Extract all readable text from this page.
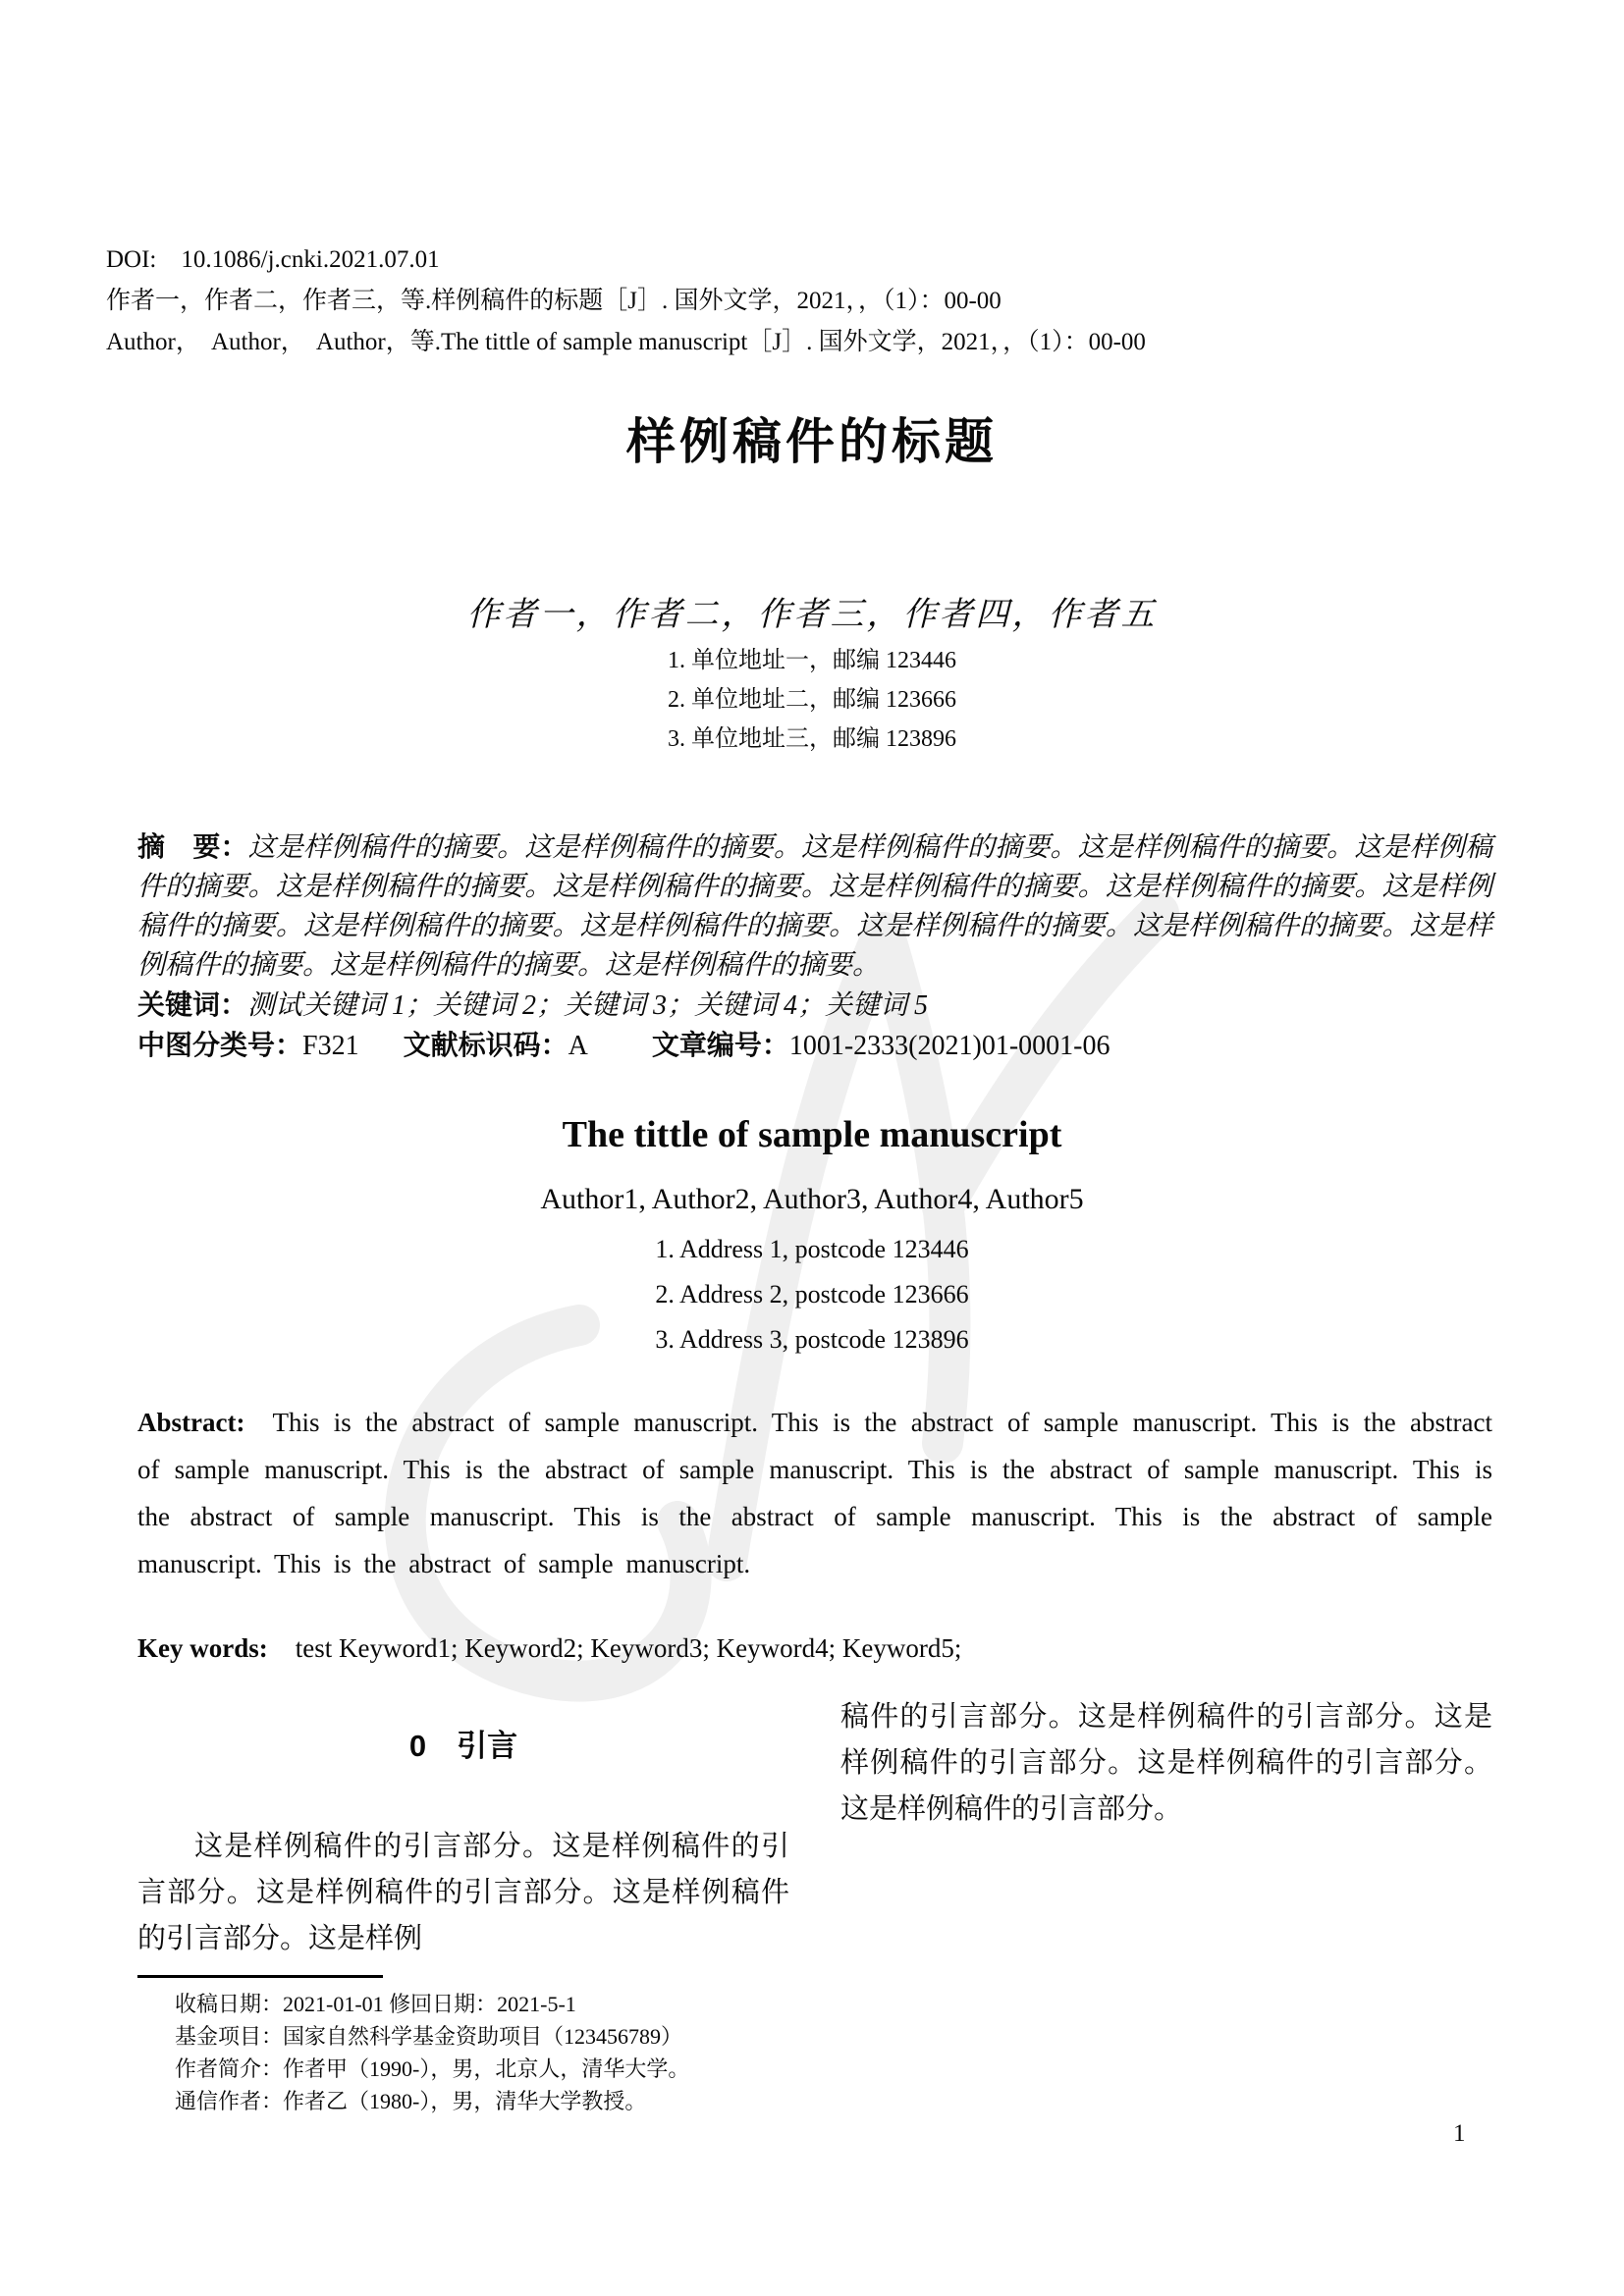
DOI:    10.1086/j.cnki.2021.07.01
作者一，作者二，作者三，等.样例稿件的标题［J］. 国外文学，2021，，（1）：00-00
Author，  Author，  Author，等.The tittle of sample manuscript［J］. 国外文学，2021，，（1）：00-00
样例稿件的标题
作者一，作者二，作者三，作者四，作者五
1. 单位地址一，邮编 123446
2. 单位地址二，邮编 123666
3. 单位地址三，邮编 123896

摘　要：这是样例稿件的摘要。这是样例稿件的摘要。这是样例稿件的摘要。这是样例稿件的摘要。这是样例稿件的摘要。这是样例稿件的摘要。这是样例稿件的摘要。这是样例稿件的摘要。这是样例稿件的摘要。这是样例稿件的摘要。这是样例稿件的摘要。这是样例稿件的摘要。这是样例稿件的摘要。这是样例稿件的摘要。这是样例稿件的摘要。这是样例稿件的摘要。这是样例稿件的摘要。

关键词：测试关键词 1；关键词 2；关键词 3；关键词 4；关键词 5

中图分类号：F321 文献标识码：A 文章编号：1001-2333(2021)01-0001-06

The tittle of sample manuscript
Author1, Author2, Author3, Author4, Author5
1. Address 1, postcode 123446
2. Address 2, postcode 123666
3. Address 3, postcode 123896

Abstract: This is the abstract of sample manuscript. This is the abstract of sample manuscript. This is the abstract of sample manuscript. This is the abstract of sample manuscript. This is the abstract of sample manuscript. This is the abstract of sample manuscript. This is the abstract of sample manuscript. This is the abstract of sample manuscript. This is the abstract of sample manuscript.

Key words: test Keyword1; Keyword2; Keyword3; Keyword4; Keyword5;

0　引言

这是样例稿件的引言部分。这是样例稿件的引言部分。这是样例稿件的引言部分。这是样例稿件的引言部分。这是样例

稿件的引言部分。这是样例稿件的引言部分。这是样例稿件的引言部分。这是样例稿件的引言部分。这是样例稿件的引言部分。

收稿日期：2021-01-01 修回日期：2021-5-1
基金项目：国家自然科学基金资助项目（123456789）
作者简介：作者甲（1990-），男，北京人，清华大学。
通信作者：作者乙（1980-），男，清华大学教授。
1
